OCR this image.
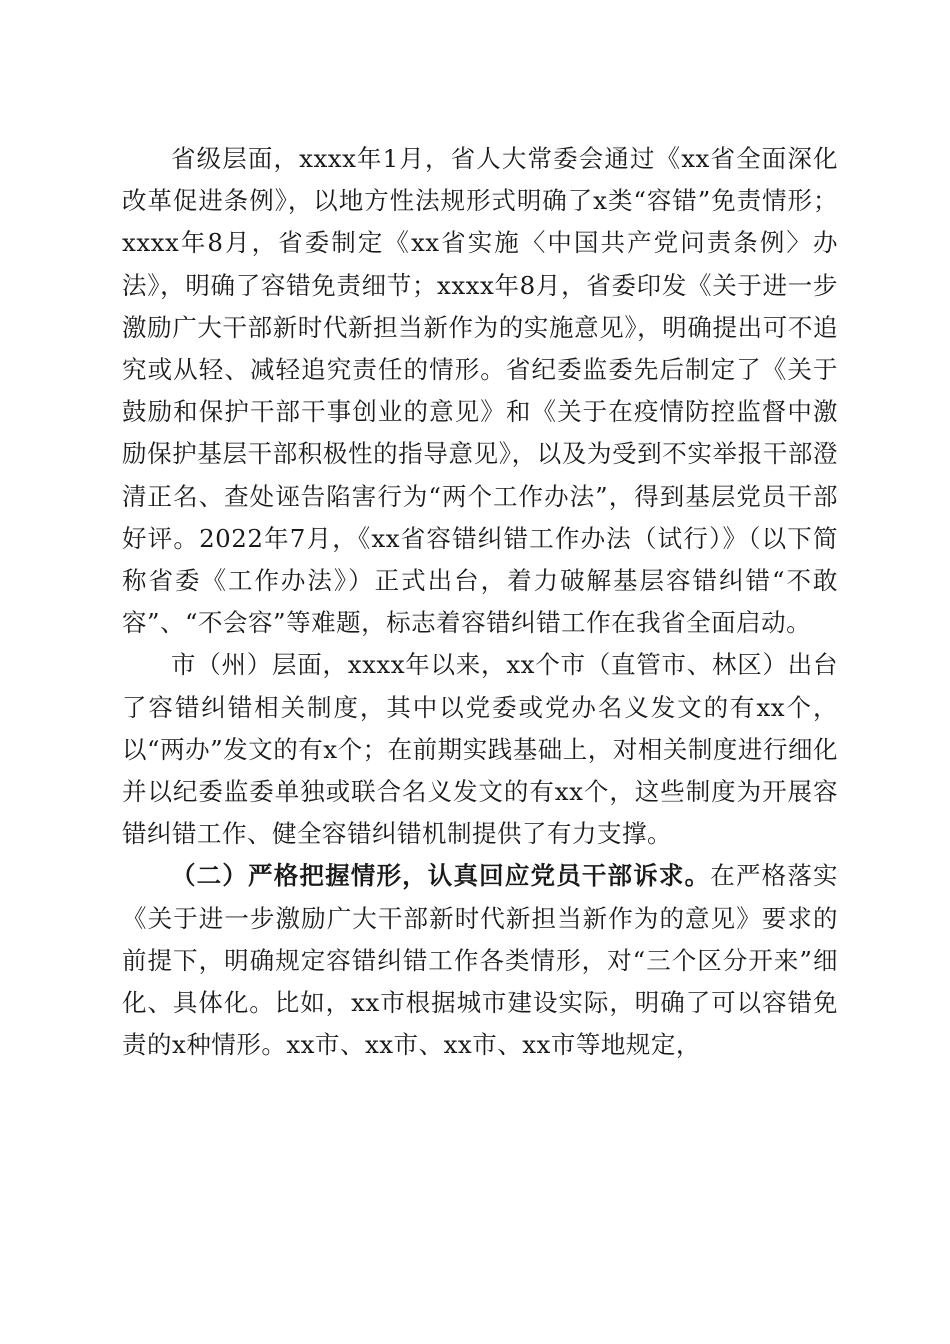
省级层面，xxxx年1月，省人大常委会通过《xx省全面深化改革促进条例》，以地方性法规形式明确了x类“容错”免责情形；xxxx年8月，省委制定《xx省实施〈中国共产党问责条例〉办法》，明确了容错免责细节；xxxx年8月，省委印发《关于进一步激励广大干部新时代新担当新作为的实施意见》，明确提出可不追究或从轻、减轻追究责任的情形。省纪委监委先后制定了《关于鼓励和保护干部干事创业的意见》和《关于在疫情防控监督中激励保护基层干部积极性的指导意见》，以及为受到不实举报干部澄清正名、查处诬告陷害行为“两个工作办法”，得到基层党员干部好评。2022年7月，《xx省容错纠错工作办法（试行）》（以下简称省委《工作办法》）正式出台，着力破解基层容错纠错“不敢容”、“不会容”等难题，标志着容错纠错工作在我省全面启动。

市（州）层面，xxxx年以来，xx个市（直管市、林区）出台了容错纠错相关制度，其中以党委或党办名义发文的有xx个，以“两办”发文的有x个；在前期实践基础上，对相关制度进行细化并以纪委监委单独或联合名义发文的有xx个，这些制度为开展容错纠错工作、健全容错纠错机制提供了有力支撑。

（二）严格把握情形，认真回应党员干部诉求。在严格落实《关于进一步激励广大干部新时代新担当新作为的意见》要求的前提下，明确规定容错纠错工作各类情形，对“三个区分开来”细化、具体化。比如，xx市根据城市建设实际，明确了可以容错免责的x种情形。xx市、xx市、xx市、xx市等地规定，
